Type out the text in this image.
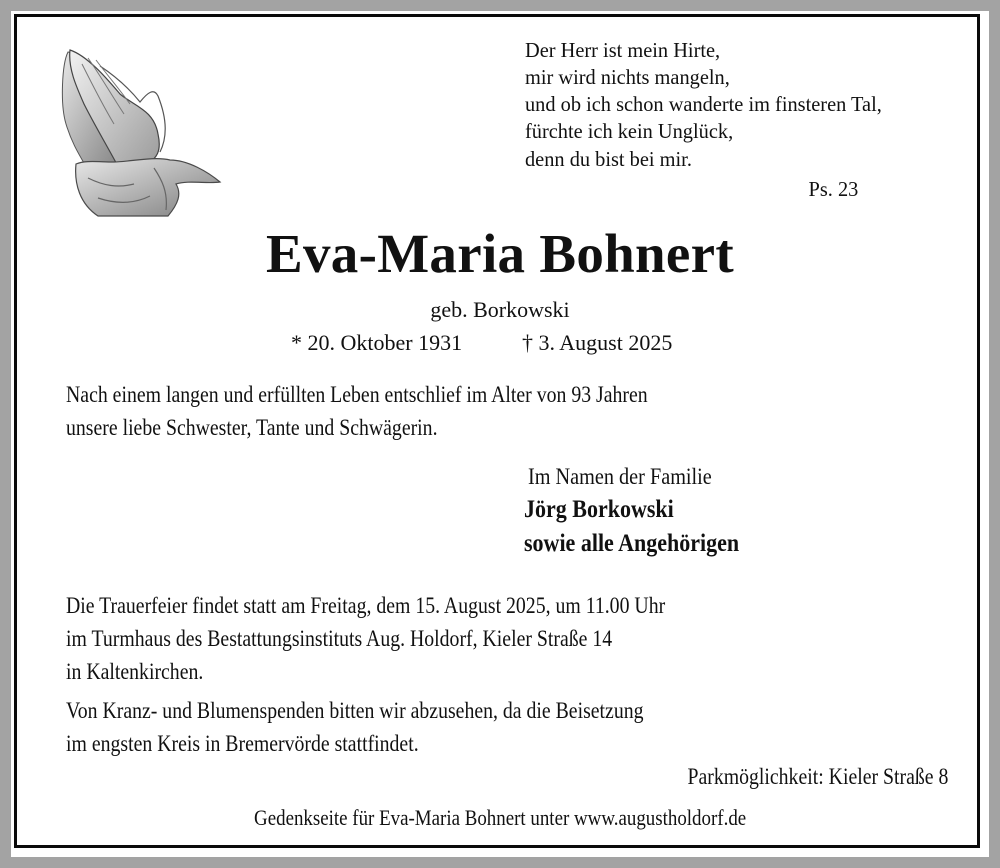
Der Herr ist mein Hirte,
mir wird nichts mangeln,
und ob ich schon wanderte im finsteren Tal,
fürchte ich kein Unglück,
denn du bist bei mir.
Ps. 23
Eva-Maria Bohnert
geb. Borkowski
* 20. Oktober 1931	† 3. August 2025
Nach einem langen und erfüllten Leben entschlief im Alter von 93 Jahren
unsere liebe Schwester, Tante und Schwägerin.
Im Namen der Familie
Jörg Borkowski
sowie alle Angehörigen
Die Trauerfeier findet statt am Freitag, dem 15. August 2025, um 11.00 Uhr
im Turmhaus des Bestattungsinstituts Aug. Holdorf, Kieler Straße 14
in Kaltenkirchen.
Von Kranz- und Blumenspenden bitten wir abzusehen, da die Beisetzung
im engsten Kreis in Bremervörde stattfindet.
Parkmöglichkeit: Kieler Straße 8
Gedenkseite für Eva-Maria Bohnert unter www.augustholdorf.de
